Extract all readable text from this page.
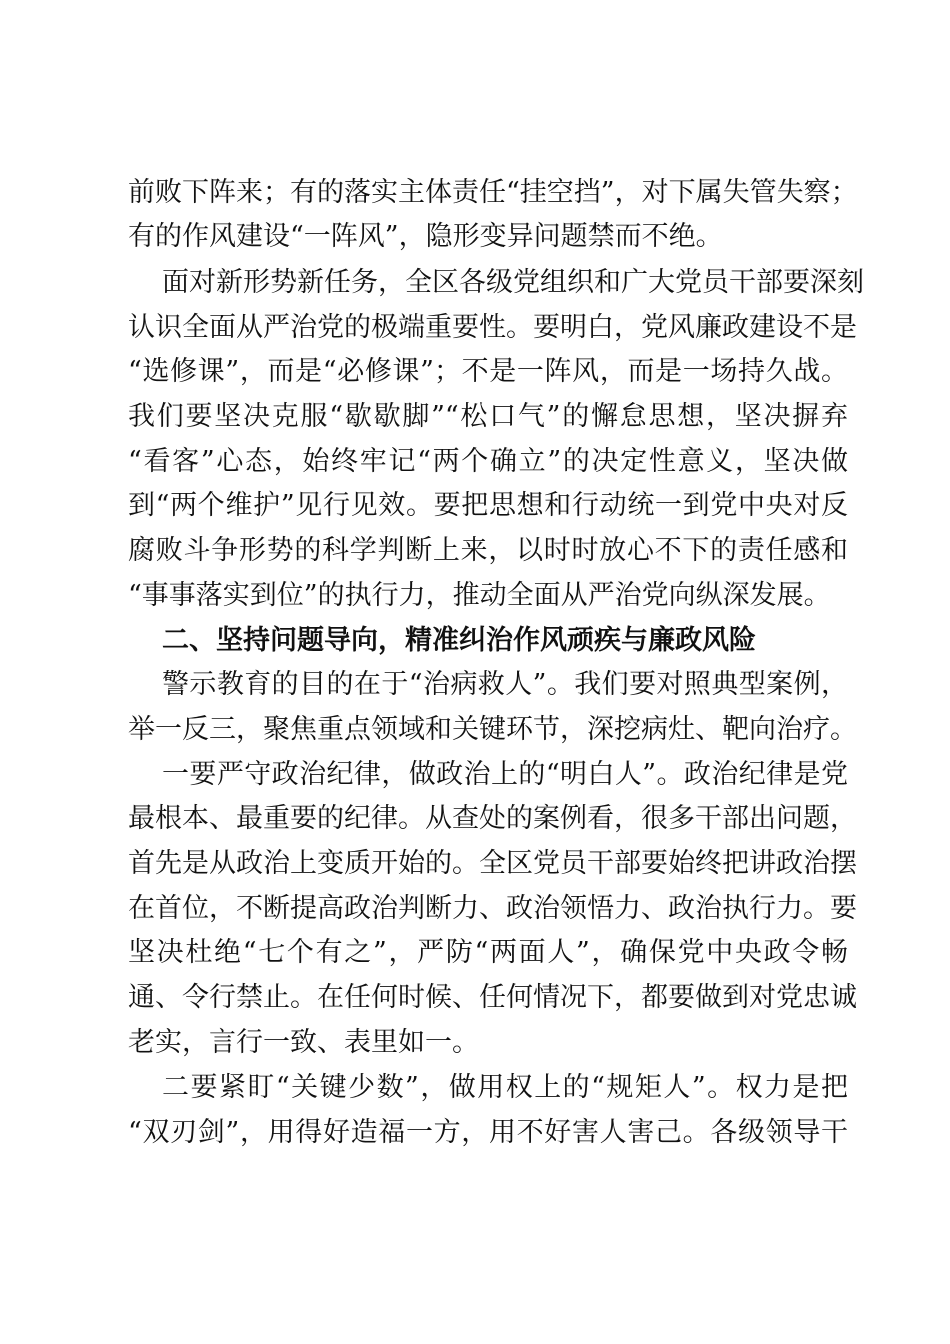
前败下阵来；有的落实主体责任“挂空挡”，对下属失管失察；
有的作风建设“一阵风”，隐形变异问题禁而不绝。
面对新形势新任务，全区各级党组织和广大党员干部要深刻
认识全面从严治党的极端重要性。要明白，党风廉政建设不是
“选修课”，而是“必修课”；不是一阵风，而是一场持久战。
我们要坚决克服“歇歇脚”“松口气”的懈怠思想，坚决摒弃
“看客”心态，始终牢记“两个确立”的决定性意义，坚决做
到“两个维护”见行见效。要把思想和行动统一到党中央对反
腐败斗争形势的科学判断上来，以时时放心不下的责任感和
“事事落实到位”的执行力，推动全面从严治党向纵深发展。
二、坚持问题导向，精准纠治作风顽疾与廉政风险
警示教育的目的在于“治病救人”。我们要对照典型案例，
举一反三，聚焦重点领域和关键环节，深挖病灶、靶向治疗。
一要严守政治纪律，做政治上的“明白人”。政治纪律是党
最根本、最重要的纪律。从查处的案例看，很多干部出问题，
首先是从政治上变质开始的。全区党员干部要始终把讲政治摆
在首位，不断提高政治判断力、政治领悟力、政治执行力。要
坚决杜绝“七个有之”，严防“两面人”，确保党中央政令畅
通、令行禁止。在任何时候、任何情况下，都要做到对党忠诚
老实，言行一致、表里如一。
二要紧盯“关键少数”，做用权上的“规矩人”。权力是把
“双刃剑”，用得好造福一方，用不好害人害己。各级领导干
